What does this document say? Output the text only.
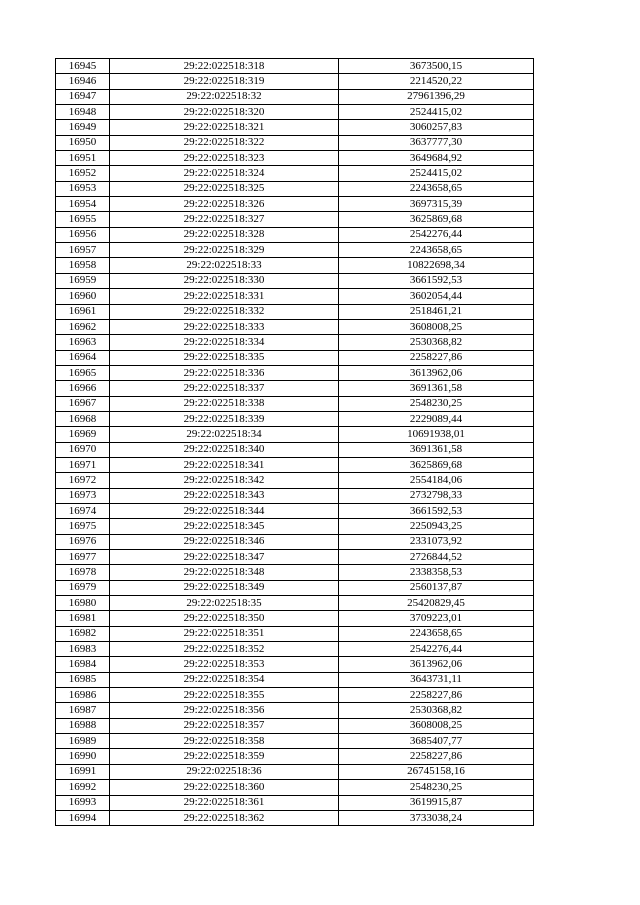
16945	29:22:022518:318	3673500,15
16946	29:22:022518:319	2214520,22
16947	29:22:022518:32	27961396,29
16948	29:22:022518:320	2524415,02
16949	29:22:022518:321	3060257,83
16950	29:22:022518:322	3637777,30
16951	29:22:022518:323	3649684,92
16952	29:22:022518:324	2524415,02
16953	29:22:022518:325	2243658,65
16954	29:22:022518:326	3697315,39
16955	29:22:022518:327	3625869,68
16956	29:22:022518:328	2542276,44
16957	29:22:022518:329	2243658,65
16958	29:22:022518:33	10822698,34
16959	29:22:022518:330	3661592,53
16960	29:22:022518:331	3602054,44
16961	29:22:022518:332	2518461,21
16962	29:22:022518:333	3608008,25
16963	29:22:022518:334	2530368,82
16964	29:22:022518:335	2258227,86
16965	29:22:022518:336	3613962,06
16966	29:22:022518:337	3691361,58
16967	29:22:022518:338	2548230,25
16968	29:22:022518:339	2229089,44
16969	29:22:022518:34	10691938,01
16970	29:22:022518:340	3691361,58
16971	29:22:022518:341	3625869,68
16972	29:22:022518:342	2554184,06
16973	29:22:022518:343	2732798,33
16974	29:22:022518:344	3661592,53
16975	29:22:022518:345	2250943,25
16976	29:22:022518:346	2331073,92
16977	29:22:022518:347	2726844,52
16978	29:22:022518:348	2338358,53
16979	29:22:022518:349	2560137,87
16980	29:22:022518:35	25420829,45
16981	29:22:022518:350	3709223,01
16982	29:22:022518:351	2243658,65
16983	29:22:022518:352	2542276,44
16984	29:22:022518:353	3613962,06
16985	29:22:022518:354	3643731,11
16986	29:22:022518:355	2258227,86
16987	29:22:022518:356	2530368,82
16988	29:22:022518:357	3608008,25
16989	29:22:022518:358	3685407,77
16990	29:22:022518:359	2258227,86
16991	29:22:022518:36	26745158,16
16992	29:22:022518:360	2548230,25
16993	29:22:022518:361	3619915,87
16994	29:22:022518:362	3733038,24
